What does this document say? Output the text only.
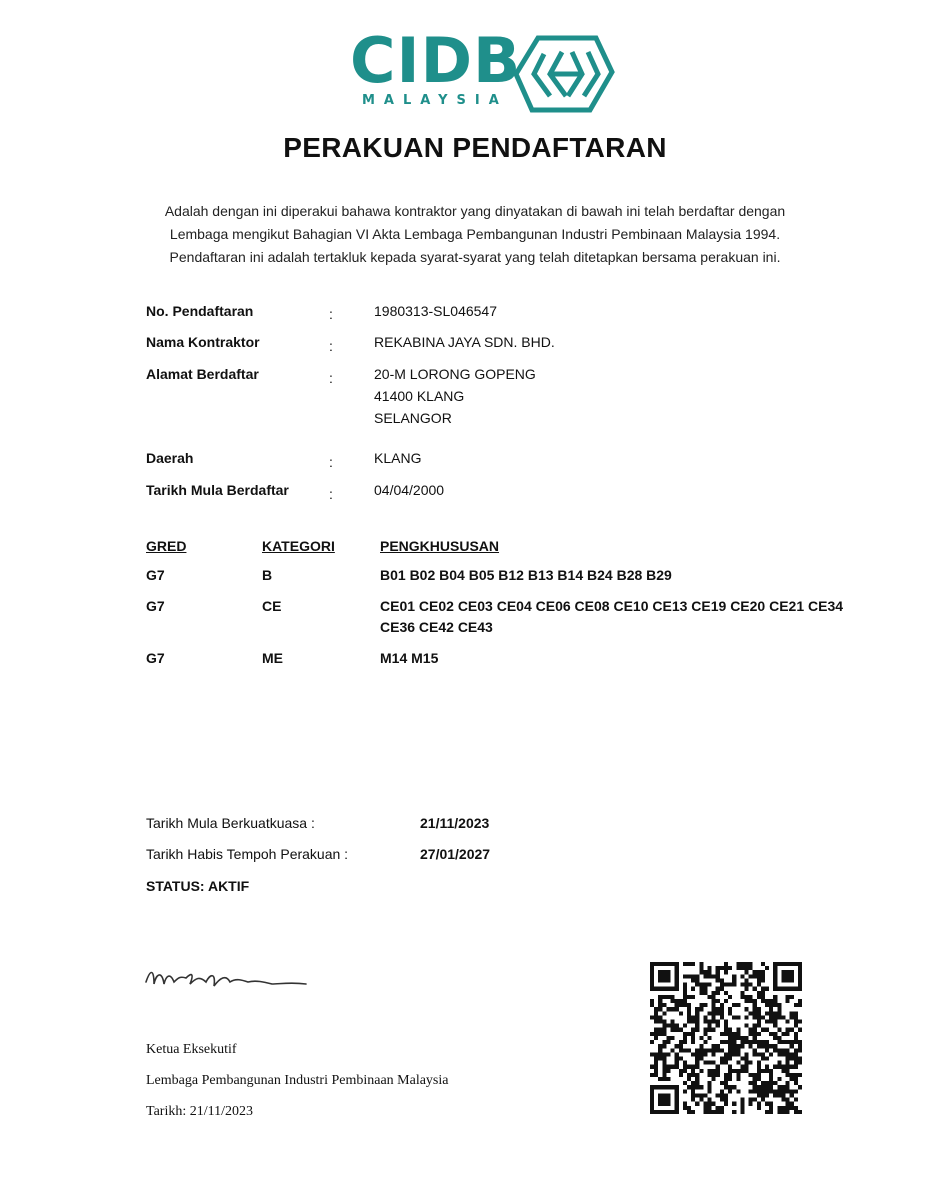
CIDB
MALAYSIA
PERAKUAN PENDAFTARAN
Adalah dengan ini diperakui bahawa kontraktor yang dinyatakan di bawah ini telah berdaftar dengan
Lembaga mengikut Bahagian VI Akta Lembaga Pembangunan Industri Pembinaan Malaysia 1994.
Pendaftaran ini adalah tertakluk kepada syarat-syarat yang telah ditetapkan bersama perakuan ini.
No. Pendaftaran	:	1980313-SL046547
Nama Kontraktor	:	REKABINA JAYA SDN. BHD.
Alamat Berdaftar	:	20-M LORONG GOPENG
41400 KLANG
SELANGOR
Daerah	:	KLANG
Tarikh Mula Berdaftar	:	04/04/2000
GRED	KATEGORI	PENGKHUSUSAN
G7	B	B01 B02 B04 B05 B12 B13 B14 B24 B28 B29
G7	CE	CE01 CE02 CE03 CE04 CE06 CE08 CE10 CE13 CE19 CE20 CE21 CE34
CE36 CE42 CE43
G7	ME	M14 M15
Tarikh Mula Berkuatkuasa :	21/11/2023
Tarikh Habis Tempoh Perakuan :	27/01/2027
STATUS: AKTIF
Ketua Eksekutif
Lembaga Pembangunan Industri Pembinaan Malaysia
Tarikh: 21/11/2023
